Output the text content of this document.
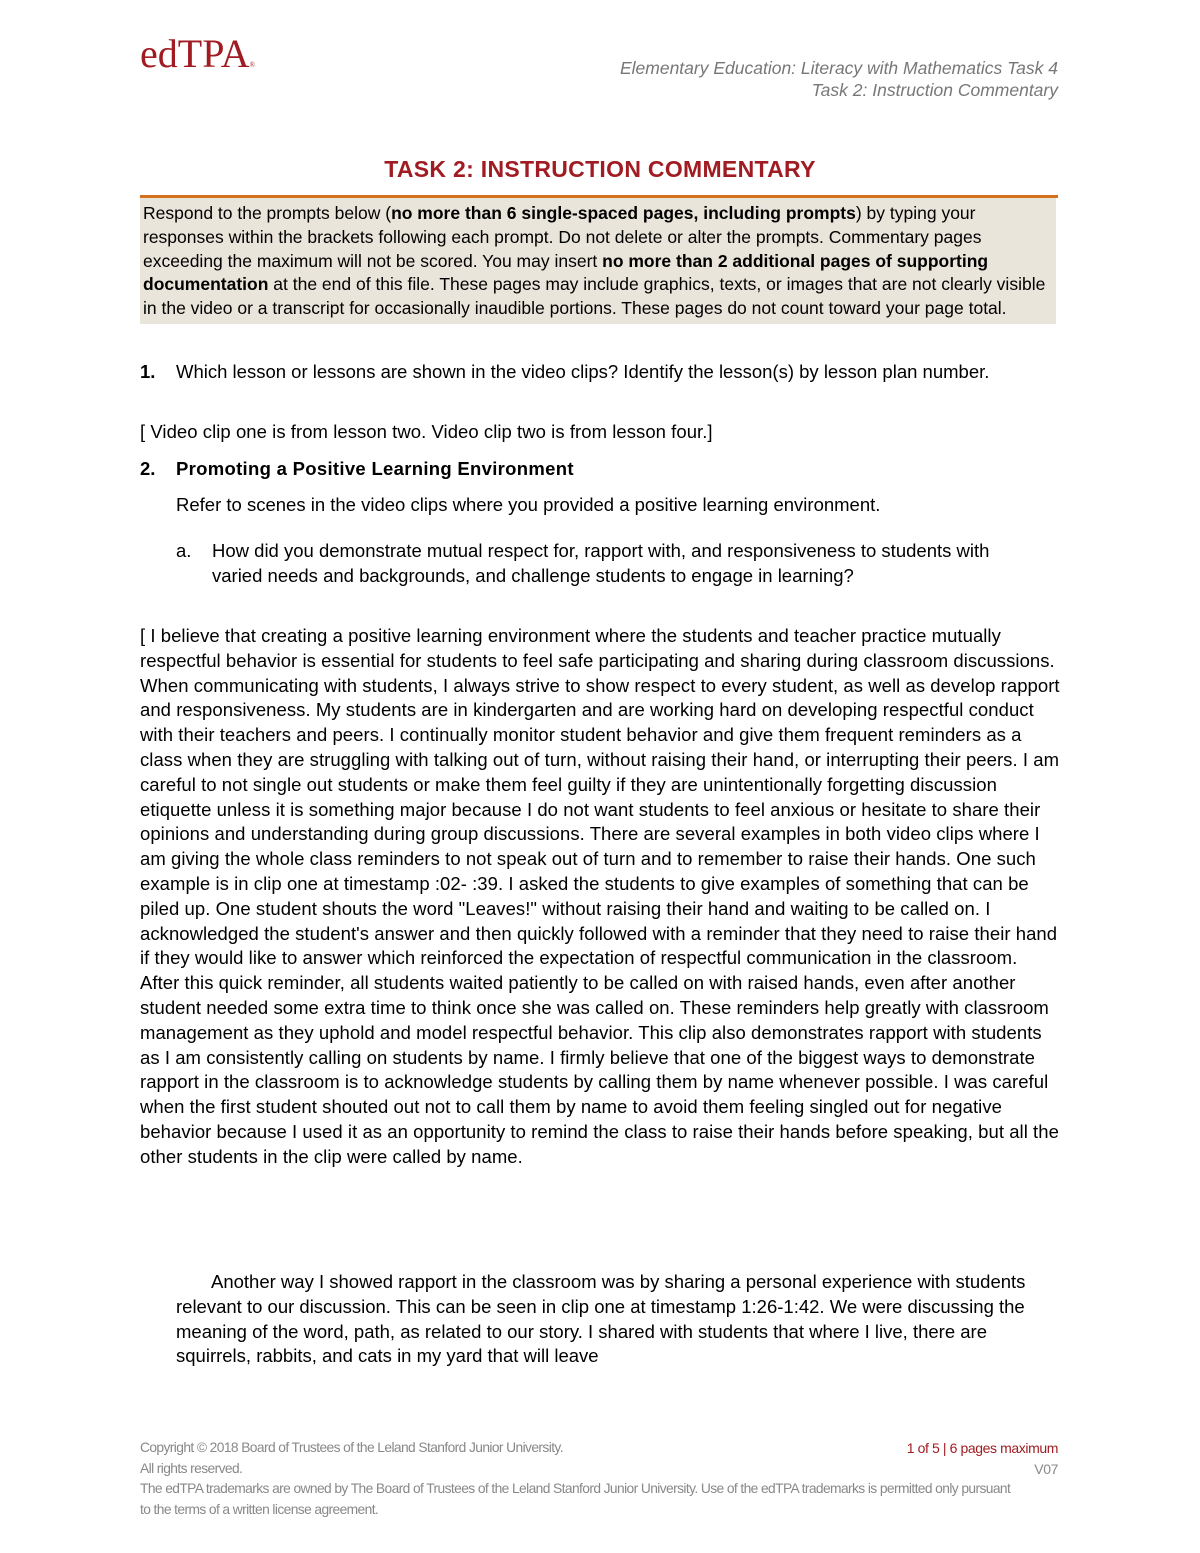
edTPA®	Elementary Education: Literacy with Mathematics Task 4
Task 2: Instruction Commentary
TASK 2: INSTRUCTION COMMENTARY
Respond to the prompts below (no more than 6 single-spaced pages, including prompts) by typing your responses within the brackets following each prompt. Do not delete or alter the prompts. Commentary pages exceeding the maximum will not be scored. You may insert no more than 2 additional pages of supporting documentation at the end of this file. These pages may include graphics, texts, or images that are not clearly visible in the video or a transcript for occasionally inaudible portions. These pages do not count toward your page total.
1. Which lesson or lessons are shown in the video clips? Identify the lesson(s) by lesson plan number.
[ Video clip one is from lesson two. Video clip two is from lesson four.]
2. Promoting a Positive Learning Environment
Refer to scenes in the video clips where you provided a positive learning environment.
a. How did you demonstrate mutual respect for, rapport with, and responsiveness to students with varied needs and backgrounds, and challenge students to engage in learning?
[ I believe that creating a positive learning environment where the students and teacher practice mutually respectful behavior is essential for students to feel safe participating and sharing during classroom discussions. When communicating with students, I always strive to show respect to every student, as well as develop rapport and responsiveness. My students are in kindergarten and are working hard on developing respectful conduct with their teachers and peers. I continually monitor student behavior and give them frequent reminders as a class when they are struggling with talking out of turn, without raising their hand, or interrupting their peers. I am careful to not single out students or make them feel guilty if they are unintentionally forgetting discussion etiquette unless it is something major because I do not want students to feel anxious or hesitate to share their opinions and understanding during group discussions. There are several examples in both video clips where I am giving the whole class reminders to not speak out of turn and to remember to raise their hands. One such example is in clip one at timestamp :02- :39. I asked the students to give examples of something that can be piled up. One student shouts the word "Leaves!" without raising their hand and waiting to be called on. I acknowledged the student's answer and then quickly followed with a reminder that they need to raise their hand if they would like to answer which reinforced the expectation of respectful communication in the classroom. After this quick reminder, all students waited patiently to be called on with raised hands, even after another student needed some extra time to think once she was called on. These reminders help greatly with classroom management as they uphold and model respectful behavior. This clip also demonstrates rapport with students as I am consistently calling on students by name. I firmly believe that one of the biggest ways to demonstrate rapport in the classroom is to acknowledge students by calling them by name whenever possible. I was careful when the first student shouted out not to call them by name to avoid them feeling singled out for negative behavior because I used it as an opportunity to remind the class to raise their hands before speaking, but all the other students in the clip were called by name.
Another way I showed rapport in the classroom was by sharing a personal experience with students relevant to our discussion. This can be seen in clip one at timestamp 1:26-1:42. We were discussing the meaning of the word, path, as related to our story. I shared with students that where I live, there are squirrels, rabbits, and cats in my yard that will leave
Copyright © 2018 Board of Trustees of the Leland Stanford Junior University.
All rights reserved.
The edTPA trademarks are owned by The Board of Trustees of the Leland Stanford Junior University. Use of the edTPA trademarks is permitted only pursuant to the terms of a written license agreement.
1 of 5 | 6 pages maximum
V07
